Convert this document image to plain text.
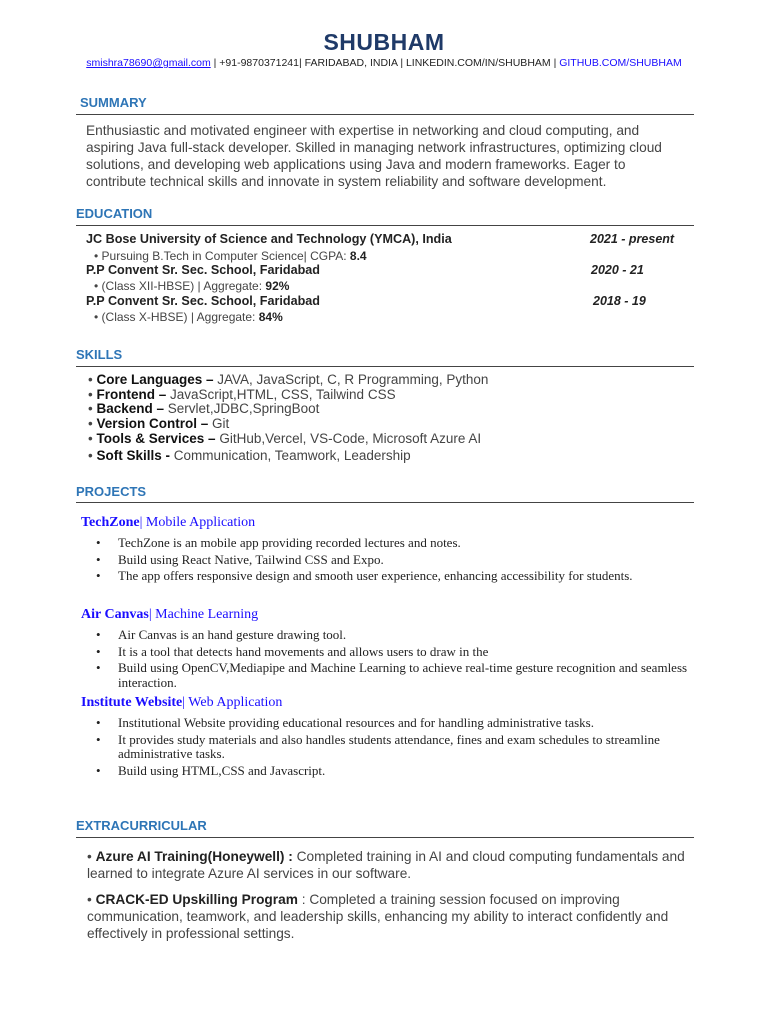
SHUBHAM
smishra78690@gmail.com | +91-9870371241| FARIDABAD, INDIA | LINKEDIN.COM/IN/SHUBHAM | GITHUB.COM/SHUBHAM
SUMMARY
Enthusiastic and motivated engineer with expertise in networking and cloud computing, and aspiring Java full-stack developer. Skilled in managing network infrastructures, optimizing cloud solutions, and developing web applications using Java and modern frameworks. Eager to contribute technical skills and innovate in system reliability and software development.
EDUCATION
JC Bose University of Science and Technology (YMCA), India	2021 - present
• Pursuing B.Tech in Computer Science| CGPA: 8.4
P.P Convent Sr. Sec. School, Faridabad	2020 - 21
• (Class XII-HBSE) | Aggregate: 92%
P.P Convent Sr. Sec. School, Faridabad	2018 - 19
• (Class X-HBSE) | Aggregate: 84%
SKILLS
• Core Languages – JAVA, JavaScript, C, R Programming, Python
• Frontend – JavaScript,HTML, CSS, Tailwind CSS
• Backend – Servlet,JDBC,SpringBoot
• Version Control – Git
• Tools & Services – GitHub,Vercel, VS-Code, Microsoft Azure AI
• Soft Skills - Communication, Teamwork, Leadership
PROJECTS
TechZone| Mobile Application
• TechZone is an mobile app providing recorded lectures and notes.
• Build using React Native, Tailwind CSS and Expo.
• The app offers responsive design and smooth user experience, enhancing accessibility for students.
Air Canvas| Machine Learning
• Air Canvas is an hand gesture drawing tool.
• It is a tool that detects hand movements and allows users to draw in the
• Build using OpenCV,Mediapipe and Machine Learning to achieve real-time gesture recognition and seamless interaction.
Institute Website| Web Application
• Institutional Website providing educational resources and for handling administrative tasks.
• It provides study materials and also handles students attendance, fines and exam schedules to streamline administrative tasks.
• Build using HTML,CSS and Javascript.
EXTRACURRICULAR
• Azure AI Training(Honeywell) : Completed training in AI and cloud computing fundamentals and learned to integrate Azure AI services in our software.
• CRACK-ED Upskilling Program : Completed a training session focused on improving communication, teamwork, and leadership skills, enhancing my ability to interact confidently and effectively in professional settings.
